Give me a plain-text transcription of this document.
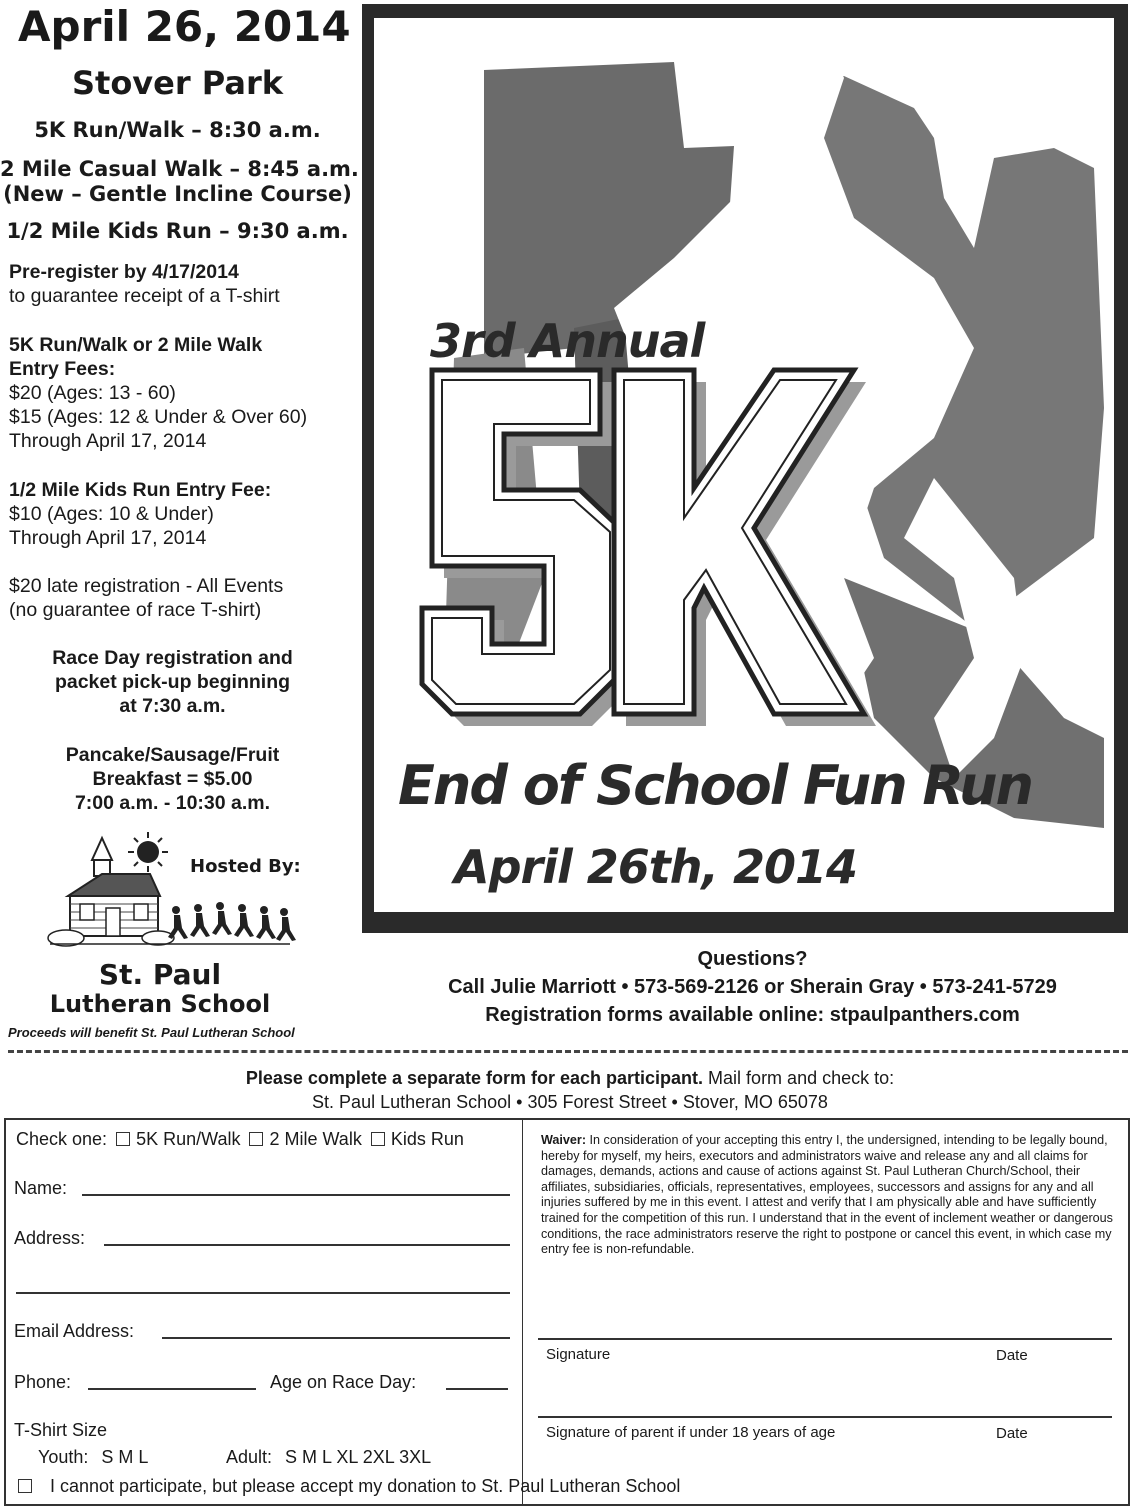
April 26, 2014
Stover Park
5K Run/Walk – 8:30 a.m.
2 Mile Casual Walk – 8:45 a.m.
(New – Gentle Incline Course)
1/2 Mile Kids Run – 9:30 a.m.
Pre-register by 4/17/2014
to guarantee receipt of a T-shirt
5K Run/Walk or 2 Mile Walk
Entry Fees:
$20 (Ages: 13 - 60)
$15 (Ages: 12 & Under & Over 60)
Through April 17, 2014
1/2 Mile Kids Run Entry Fee:
$10 (Ages: 10 & Under)
Through April 17, 2014
$20 late registration - All Events
(no guarantee of race T-shirt)
Race Day registration and
packet pick-up beginning
at 7:30 a.m.
Pancake/Sausage/Fruit
Breakfast = $5.00
7:00 a.m. - 10:30 a.m.
Hosted By:
St. Paul
Lutheran School
Proceeds will benefit St. Paul Lutheran School
3rd Annual
End of School Fun Run
April 26th, 2014
Questions?
Call Julie Marriott • 573-569-2126 or Sherain Gray • 573-241-5729
Registration forms available online: stpaulpanthers.com
Please complete a separate form for each participant. Mail form and check to:
St. Paul Lutheran School • 305 Forest Street • Stover, MO 65078
Check one: 5K Run/Walk 2 Mile Walk Kids Run
Name:
Address:
Email Address:
Phone:	Age on Race Day:
T-Shirt Size
Youth: S M L	Adult: S M L XL 2XL 3XL
I cannot participate, but please accept my donation to St. Paul Lutheran School
Waiver: In consideration of your accepting this entry I, the undersigned, intending to be legally bound, hereby for myself, my heirs, executors and administrators waive and release any and all claims for damages, demands, actions and cause of actions against St. Paul Lutheran Church/School, their affiliates, subsidiaries, officials, representatives, employees, successors and assigns for any and all injuries suffered by me in this event. I attest and verify that I am physically able and have sufficiently trained for the competition of this run. I understand that in the event of inclement weather or dangerous conditions, the race administrators reserve the right to postpone or cancel this event, in which case my entry fee is non-refundable.
Signature	Date
Signature of parent if under 18 years of age	Date
